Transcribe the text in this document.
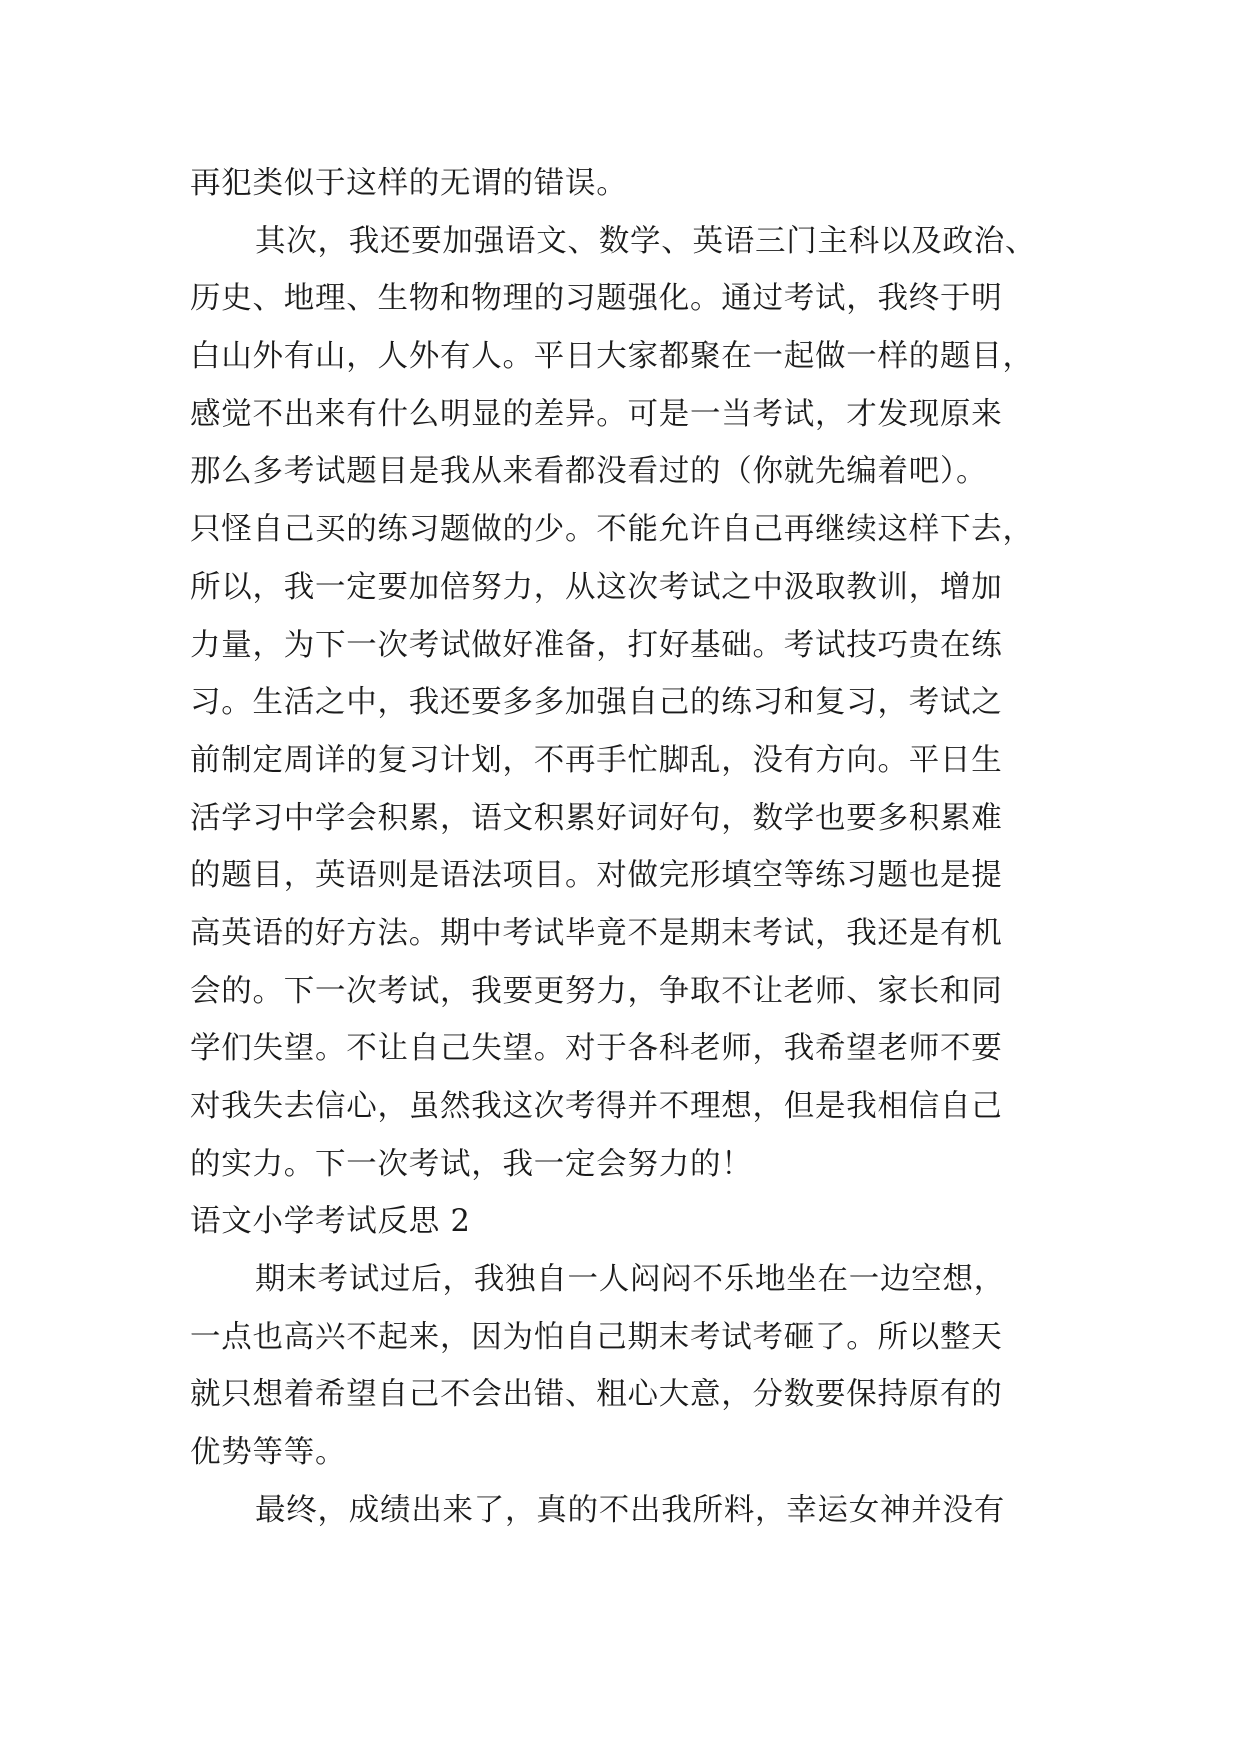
再犯类似于这样的无谓的错误。
其次，我还要加强语文、数学、英语三门主科以及政治、
历史、地理、生物和物理的习题强化。通过考试，我终于明
白山外有山，人外有人。平日大家都聚在一起做一样的题目，
感觉不出来有什么明显的差异。可是一当考试，才发现原来
那么多考试题目是我从来看都没看过的（你就先编着吧）。
只怪自己买的练习题做的少。不能允许自己再继续这样下去，
所以，我一定要加倍努力，从这次考试之中汲取教训，增加
力量，为下一次考试做好准备，打好基础。考试技巧贵在练
习。生活之中，我还要多多加强自己的练习和复习，考试之
前制定周详的复习计划，不再手忙脚乱，没有方向。平日生
活学习中学会积累，语文积累好词好句，数学也要多积累难
的题目，英语则是语法项目。对做完形填空等练习题也是提
高英语的好方法。期中考试毕竟不是期末考试，我还是有机
会的。下一次考试，我要更努力，争取不让老师、家长和同
学们失望。不让自己失望。对于各科老师，我希望老师不要
对我失去信心，虽然我这次考得并不理想，但是我相信自己
的实力。下一次考试，我一定会努力的！
语文小学考试反思 2
期末考试过后，我独自一人闷闷不乐地坐在一边空想，
一点也高兴不起来，因为怕自己期末考试考砸了。所以整天
就只想着希望自己不会出错、粗心大意，分数要保持原有的
优势等等。
最终，成绩出来了，真的不出我所料，幸运女神并没有
